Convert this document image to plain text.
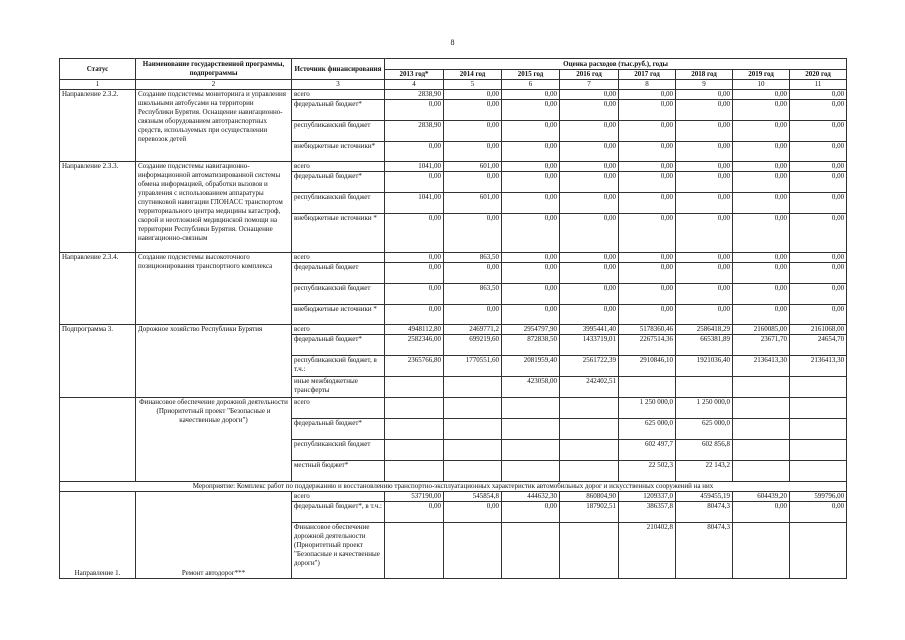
8
Статус	Наименование государственной программы, подпрограммы	Источник финансирования	Оценка расходов (тыс.руб.), годы							
			2013 год*	2014 год	2015 год	2016 год	2017 год	2018 год	2019 год	2020 год
1	2	3	4	5	6	7	8	9	10	11
Направление 2.3.2.	Создание подсистемы мониторинга и управления школьными автобусами на территории Республики Бурятия. Оснащение навигационно-связным оборудованием автотранспортных средств, используемых при осуществлении перевозок детей	всего	2838,90	0,00	0,00	0,00	0,00	0,00	0,00	0,00
		федеральный бюджет*	0,00	0,00	0,00	0,00	0,00	0,00	0,00	0,00
		республиканский бюджет	2838,90	0,00	0,00	0,00	0,00	0,00	0,00	0,00
		внебюджетные источники*	0,00	0,00	0,00	0,00	0,00	0,00	0,00	0,00
Направление 2.3.3.	Создание подсистемы навигационно-информационной автоматизированной системы обмена информацией, обработки вызовов и управления с использованием аппаратуры спутниковой навигации ГЛОНАСС транспортом территориального центра медицины катастроф, скорой и неотложной медицинской помощи на территории Республики Бурятия. Оснащение навигационно-связным	всего	1041,00	601,00	0,00	0,00	0,00	0,00	0,00	0,00
		федеральный бюджет*	0,00	0,00	0,00	0,00	0,00	0,00	0,00	0,00
		республиканский бюджет	1041,00	601,00	0,00	0,00	0,00	0,00	0,00	0,00
		внебюджетные источники *	0,00	0,00	0,00	0,00	0,00	0,00	0,00	0,00
Направление 2.3.4.	Создание подсистемы высокоточного позиционирования транспортного комплекса	всего	0,00	863,50	0,00	0,00	0,00	0,00	0,00	0,00
		федеральный бюджет	0,00	0,00	0,00	0,00	0,00	0,00	0,00	0,00
		республиканский бюджет	0,00	863,50	0,00	0,00	0,00	0,00	0,00	0,00
		внебюджетные источники *	0,00	0,00	0,00	0,00	0,00	0,00	0,00	0,00
Подпрограмма 3.	Дорожное хозяйство Республики Бурятия	всего	4948112,80	2469771,2	2954797,90	3995441,40	5178360,46	2586418,29	2160085,00	2161068,00
		федеральный бюджет*	2582346,00	699219,60	872838,50	1433719,01	2267514,36	665381,89	23671,70	24654,70
		республиканский бюджет, в т.ч.:	2365766,80	1770551,60	2081959,40	2561722,39	2910846,10	1921036,40	2136413,30	2136413,30
		иные межбюджетные трансферты			423058,00	242402,51				
	Финансовое обеспечение дорожной деятельности (Приоритетный проект "Безопасные и качественные дороги")	всего					1 250 000,0	1 250 000,0		
		федеральный бюджет*					625 000,0	625 000,0		
		республиканский бюджет					602 497,7	602 856,8		
		местный бюджет*					22 502,3	22 143,2		
Мероприятие: Комплекс работ по поддержанию и восстановлению транспортно-эксплуатационных характеристик автомобильных дорог и искусственных сооружений на них										
Направление 1.	Ремонт автодорог***	всего	537190,00	545854,8	444632,30	860804,90	1209337,0	459455,19	604439,20	599796,00
		федеральный бюджет*, в т.ч.:	0,00	0,00	0,00	187902,51	386357,8	80474,3	0,00	0,00
		Финансовое обеспечение дорожной деятельности (Приоритетный проект "Безопасные и качественные дороги")					210402,8	80474,3		
